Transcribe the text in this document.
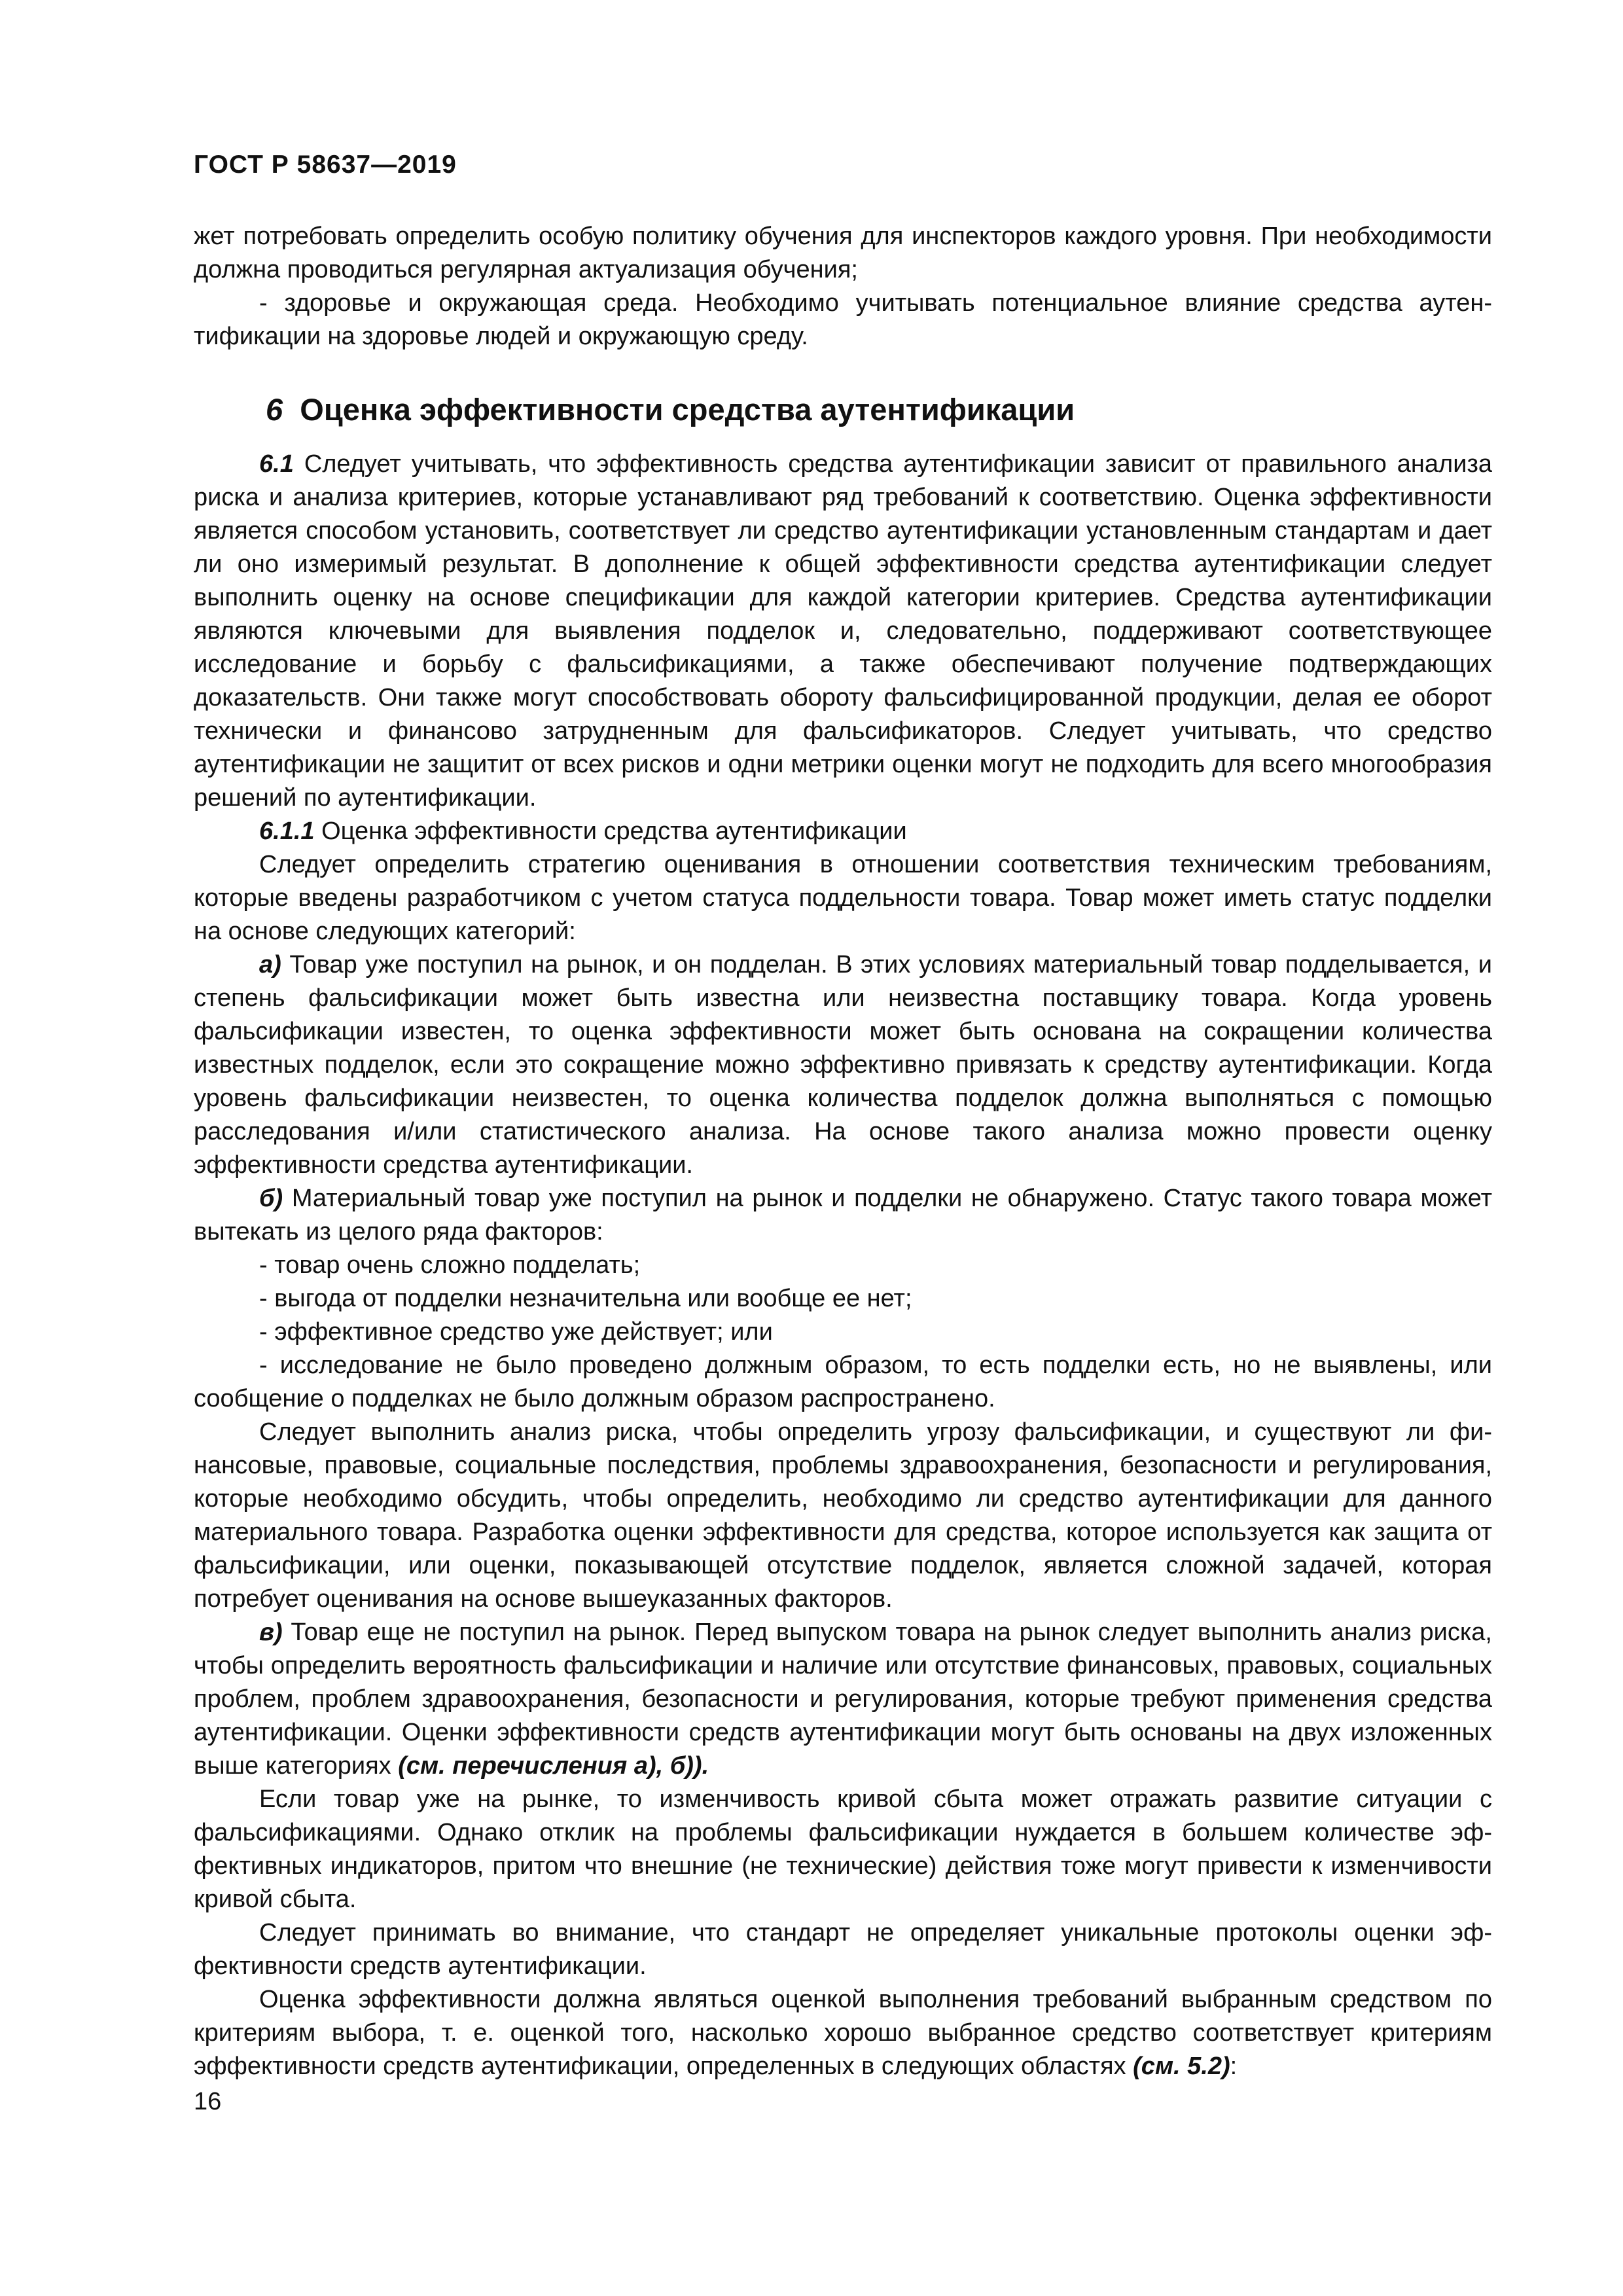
ГОСТ Р 58637—2019

жет потребовать определить особую политику обучения для инспекторов каждого уровня. При необходимости должна проводиться регулярная актуализация обучения;

- здоровье и окружающая среда. Необходимо учитывать потенциальное влияние средства аутентификации на здоровье людей и окружающую среду.

6 Оценка эффективности средства аутентификации

6.1 Следует учитывать, что эффективность средства аутентификации зависит от правильного анализа риска и анализа критериев, которые устанавливают ряд требований к соответствию. Оценка эффективности является способом установить, соответствует ли средство аутентификации установленным стандартам и дает ли оно измеримый результат. В дополнение к общей эффективности средства аутентификации следует выполнить оценку на основе спецификации для каждой категории критериев. Средства аутентификации являются ключевыми для выявления подделок и, следовательно, поддерживают соответствующее исследование и борьбу с фальсификациями, а также обеспечивают получение подтверждающих доказательств. Они также могут способствовать обороту фальсифицированной продукции, делая ее оборот технически и финансово затрудненным для фальсификаторов. Следует учитывать, что средство аутентификации не защитит от всех рисков и одни метрики оценки могут не подходить для всего многообразия решений по аутентификации.

6.1.1 Оценка эффективности средства аутентификации

Следует определить стратегию оценивания в отношении соответствия техническим требованиям, которые введены разработчиком с учетом статуса поддельности товара. Товар может иметь статус подделки на основе следующих категорий:

а) Товар уже поступил на рынок, и он подделан. В этих условиях материальный товар подделывается, и степень фальсификации может быть известна или неизвестна поставщику товара. Когда уровень фальсификации известен, то оценка эффективности может быть основана на сокращении количества известных подделок, если это сокращение можно эффективно привязать к средству аутентификации. Когда уровень фальсификации неизвестен, то оценка количества подделок должна выполняться с помощью расследования и/или статистического анализа. На основе такого анализа можно провести оценку эффективности средства аутентификации.

б) Материальный товар уже поступил на рынок и подделки не обнаружено. Статус такого товара может вытекать из целого ряда факторов:

- товар очень сложно подделать;

- выгода от подделки незначительна или вообще ее нет;

- эффективное средство уже действует; или

- исследование не было проведено должным образом, то есть подделки есть, но не выявлены, или сообщение о подделках не было должным образом распространено.

Следует выполнить анализ риска, чтобы определить угрозу фальсификации, и существуют ли финансовые, правовые, социальные последствия, проблемы здравоохранения, безопасности и регулирования, которые необходимо обсудить, чтобы определить, необходимо ли средство аутентификации для данного материального товара. Разработка оценки эффективности для средства, которое используется как защита от фальсификации, или оценки, показывающей отсутствие подделок, является сложной задачей, которая потребует оценивания на основе вышеуказанных факторов.

в) Товар еще не поступил на рынок. Перед выпуском товара на рынок следует выполнить анализ риска, чтобы определить вероятность фальсификации и наличие или отсутствие финансовых, правовых, социальных проблем, проблем здравоохранения, безопасности и регулирования, которые требуют применения средства аутентификации. Оценки эффективности средств аутентификации могут быть основаны на двух изложенных выше категориях (см. перечисления а), б)).

Если товар уже на рынке, то изменчивость кривой сбыта может отражать развитие ситуации с фальсификациями. Однако отклик на проблемы фальсификации нуждается в большем количестве эффективных индикаторов, притом что внешние (не технические) действия тоже могут привести к изменчивости кривой сбыта.

Следует принимать во внимание, что стандарт не определяет уникальные протоколы оценки эффективности средств аутентификации.

Оценка эффективности должна являться оценкой выполнения требований выбранным средством по критериям выбора, т. е. оценкой того, насколько хорошо выбранное средство соответствует критериям эффективности средств аутентификации, определенных в следующих областях (см. 5.2):

16
